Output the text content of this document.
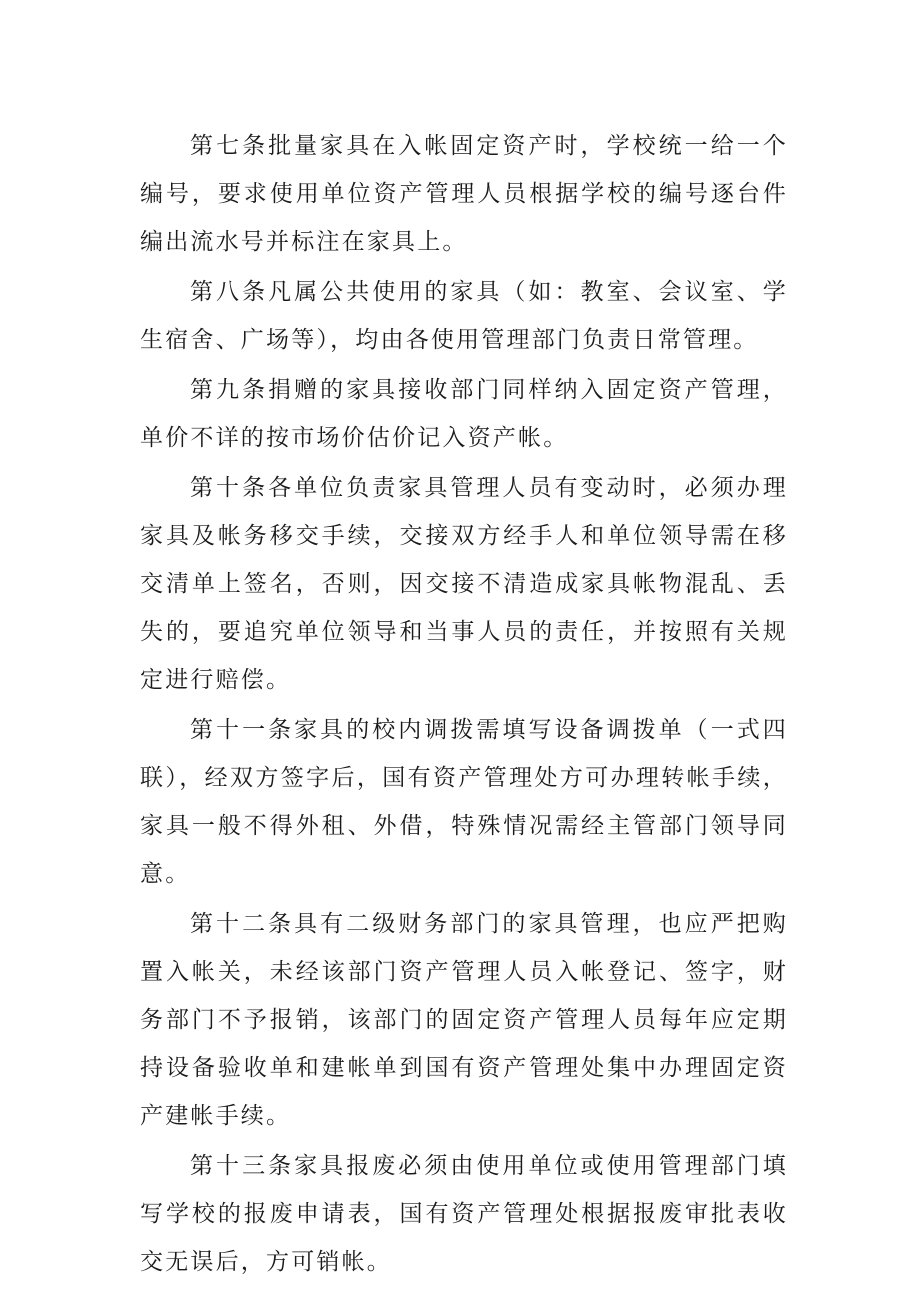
第七条批量家具在入帐固定资产时，学校统一给一个编号，要求使用单位资产管理人员根据学校的编号逐台件编出流水号并标注在家具上。

第八条凡属公共使用的家具（如：教室、会议室、学生宿舍、广场等），均由各使用管理部门负责日常管理。

第九条捐赠的家具接收部门同样纳入固定资产管理，单价不详的按市场价估价记入资产帐。

第十条各单位负责家具管理人员有变动时，必须办理家具及帐务移交手续，交接双方经手人和单位领导需在移交清单上签名，否则，因交接不清造成家具帐物混乱、丢失的，要追究单位领导和当事人员的责任，并按照有关规定进行赔偿。

第十一条家具的校内调拨需填写设备调拨单（一式四联），经双方签字后，国有资产管理处方可办理转帐手续，家具一般不得外租、外借，特殊情况需经主管部门领导同意。

第十二条具有二级财务部门的家具管理，也应严把购置入帐关，未经该部门资产管理人员入帐登记、签字，财务部门不予报销，该部门的固定资产管理人员每年应定期持设备验收单和建帐单到国有资产管理处集中办理固定资产建帐手续。

第十三条家具报废必须由使用单位或使用管理部门填写学校的报废申请表，国有资产管理处根据报废审批表收交无误后，方可销帐。
